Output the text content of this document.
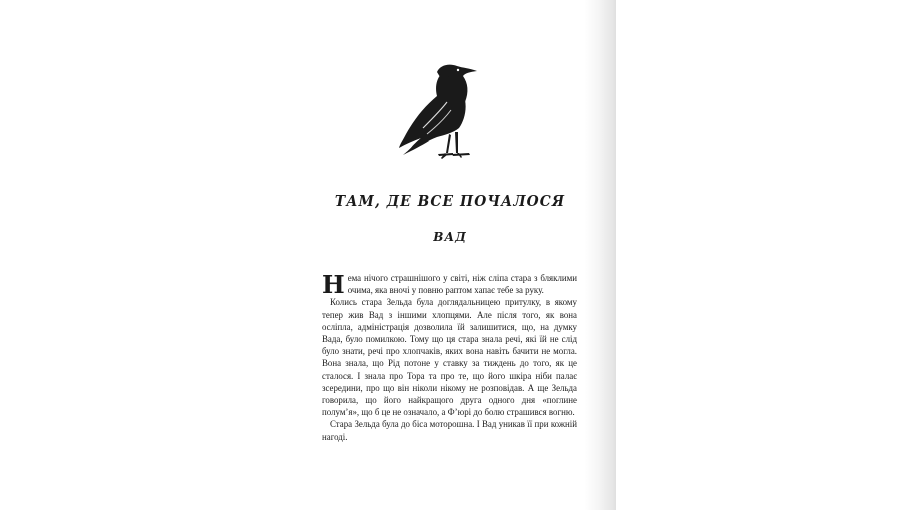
ТАМ, ДЕ ВСЕ ПОЧАЛОСЯ
ВАД

Нема нічого страшнішого у світі, ніж сліпа стара з бляклими очима, яка вночі у повню раптом хапає тебе за руку.

Колись стара Зельда була доглядальницею притулку, в якому тепер жив Вад з іншими хлопцями. Але після того, як вона осліпла, адміністрація дозволила їй залишитися, що, на думку Вада, було помилкою. Тому що ця стара знала речі, які їй не слід було знати, речі про хлопчаків, яких вона навіть бачити не могла. Вона знала, що Рід потоне у ставку за тиждень до того, як це сталося. І знала про Тора та про те, що його шкіра ніби палає зсередини, про що він ніколи нікому не розповідав. А ще Зельда говорила, що його найкращого друга одного дня «поглине полум’я», що б це не означало, а Ф’юрі до болю страшився вогню.

Стара Зельда була до біса моторошна. І Вад уникав її при кожній нагоді.
